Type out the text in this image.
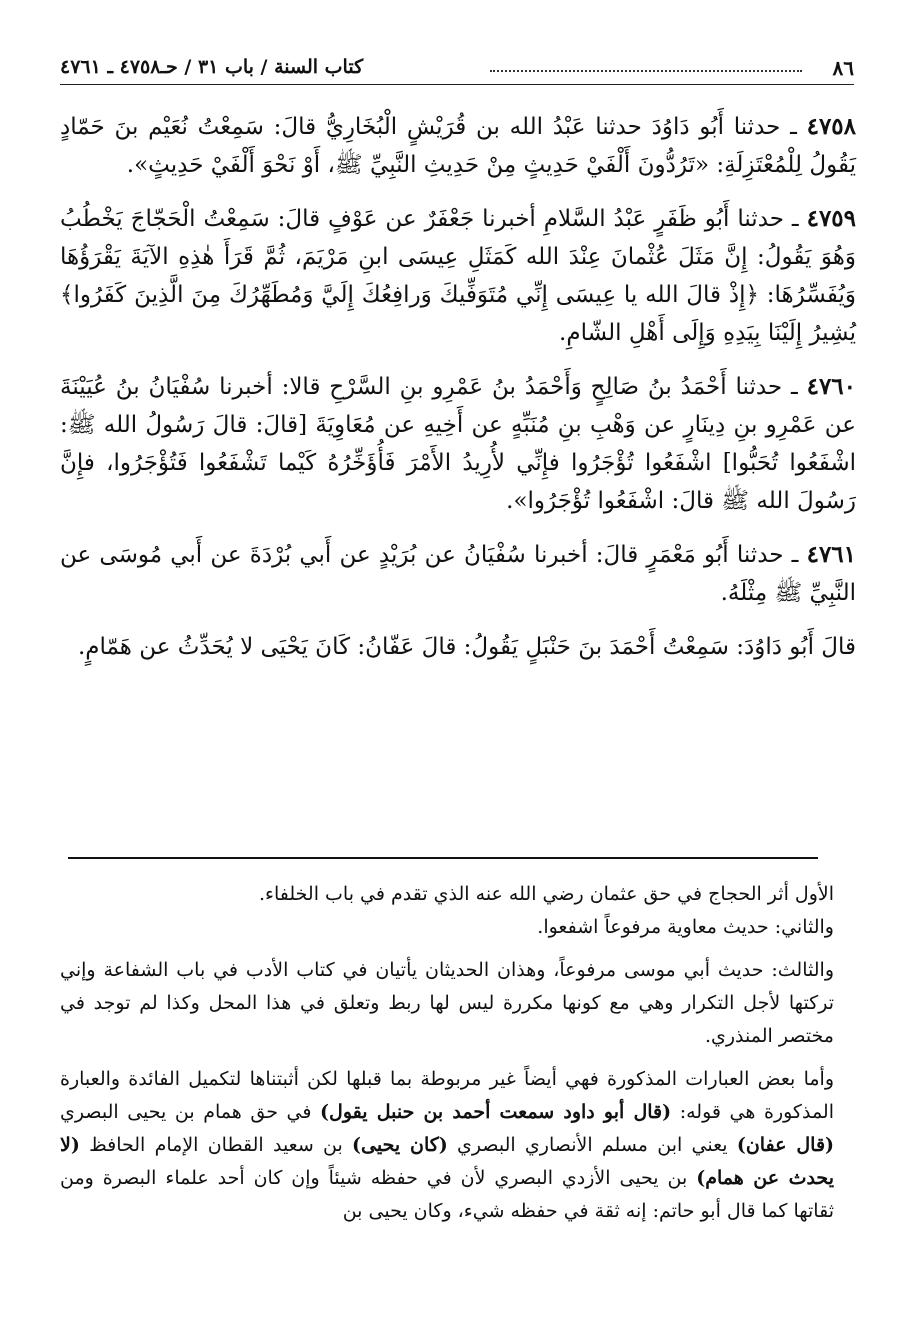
٨٦
كتاب السنة / باب ٣١ / حـ٤٧٥٨ ـ ٤٧٦١

٤٧٥٨ ـ حدثنا أَبُو دَاوُدَ حدثنا عَبْدُ الله بن قُرَيْشٍ الْبُخَارِيُّ قالَ: سَمِعْتُ نُعَيْم بنَ حَمّادٍ يَقُولُ لِلْمُعْتَزِلَةِ: «تَرُدُّونَ أَلْفَيْ حَدِيثٍ مِنْ حَدِيثِ النَّبِيِّ ﷺ، أَوْ نَحْوَ أَلْفَيْ حَدِيثٍ».

٤٧٥٩ ـ حدثنا أَبُو ظَفَرٍ عَبْدُ السَّلامِ أخبرنا جَعْفَرٌ عن عَوْفٍ قالَ: سَمِعْتُ الْحَجّاجَ يَخْطُبُ وَهُوَ يَقُولُ: إِنَّ مَثَلَ عُثْمانَ عِنْدَ الله كَمَثَلِ عِيسَى ابنِ مَرْيَمَ، ثُمَّ قَرَأَ هٰذِهِ الآيَةَ يَقْرَؤُهَا وَيُفَسِّرُهَا: ﴿إِذْ قالَ الله يا عِيسَى إِنِّي مُتَوَفِّيكَ وَرافِعُكَ إِلَيَّ وَمُطَهِّرُكَ مِنَ الَّذِينَ كَفَرُوا﴾ يُشِيرُ إِلَيْنَا بِيَدِهِ وَإِلَى أَهْلِ الشّامِ.

٤٧٦٠ ـ حدثنا أَحْمَدُ بنُ صَالِحٍ وَأَحْمَدُ بنُ عَمْرِو بنِ السَّرْحِ قالا: أخبرنا سُفْيَانُ بنُ عُيَيْنَةَ عن عَمْرِو بنِ دِينَارٍ عن وَهْبِ بنِ مُنَبِّهٍ عن أَخِيهِ عن مُعَاوِيَةَ [قالَ: قالَ رَسُولُ الله ﷺ: اشْفَعُوا تُحَبُّوا] اشْفَعُوا تُؤْجَرُوا فإِنِّي لأُرِيدُ الأَمْرَ فَأُؤَخِّرُهُ كَيْما تَشْفَعُوا فَتُؤْجَرُوا، فإِنَّ رَسُولَ الله ﷺ قالَ: اشْفَعُوا تُؤْجَرُوا».

٤٧٦١ ـ حدثنا أَبُو مَعْمَرٍ قالَ: أخبرنا سُفْيَانُ عن بُرَيْدٍ عن أَبي بُرْدَةَ عن أَبي مُوسَى عن النَّبِيِّ ﷺ مِثْلَهُ.

قالَ أَبُو دَاوُدَ: سَمِعْتُ أَحْمَدَ بنَ حَنْبَلٍ يَقُولُ: قالَ عَفّانُ: كَانَ يَحْيَى لا يُحَدِّثُ عن هَمّامٍ.

الأول أثر الحجاج في حق عثمان رضي الله عنه الذي تقدم في باب الخلفاء.

والثاني: حديث معاوية مرفوعاً اشفعوا.

والثالث: حديث أبي موسى مرفوعاً، وهذان الحديثان يأتيان في كتاب الأدب في باب الشفاعة وإني تركتها لأجل التكرار وهي مع كونها مكررة ليس لها ربط وتعلق في هذا المحل وكذا لم توجد في مختصر المنذري.

وأما بعض العبارات المذكورة فهي أيضاً غير مربوطة بما قبلها لكن أثبتناها لتكميل الفائدة والعبارة المذكورة هي قوله: (قال أبو داود سمعت أحمد بن حنبل يقول) في حق همام بن يحيى البصري (قال عفان) يعني ابن مسلم الأنصاري البصري (كان يحيى) بن سعيد القطان الإمام الحافظ (لا يحدث عن همام) بن يحيى الأزدي البصري لأن في حفظه شيئاً وإن كان أحد علماء البصرة ومن ثقاتها كما قال أبو حاتم: إنه ثقة في حفظه شيء، وكان يحيى بن
